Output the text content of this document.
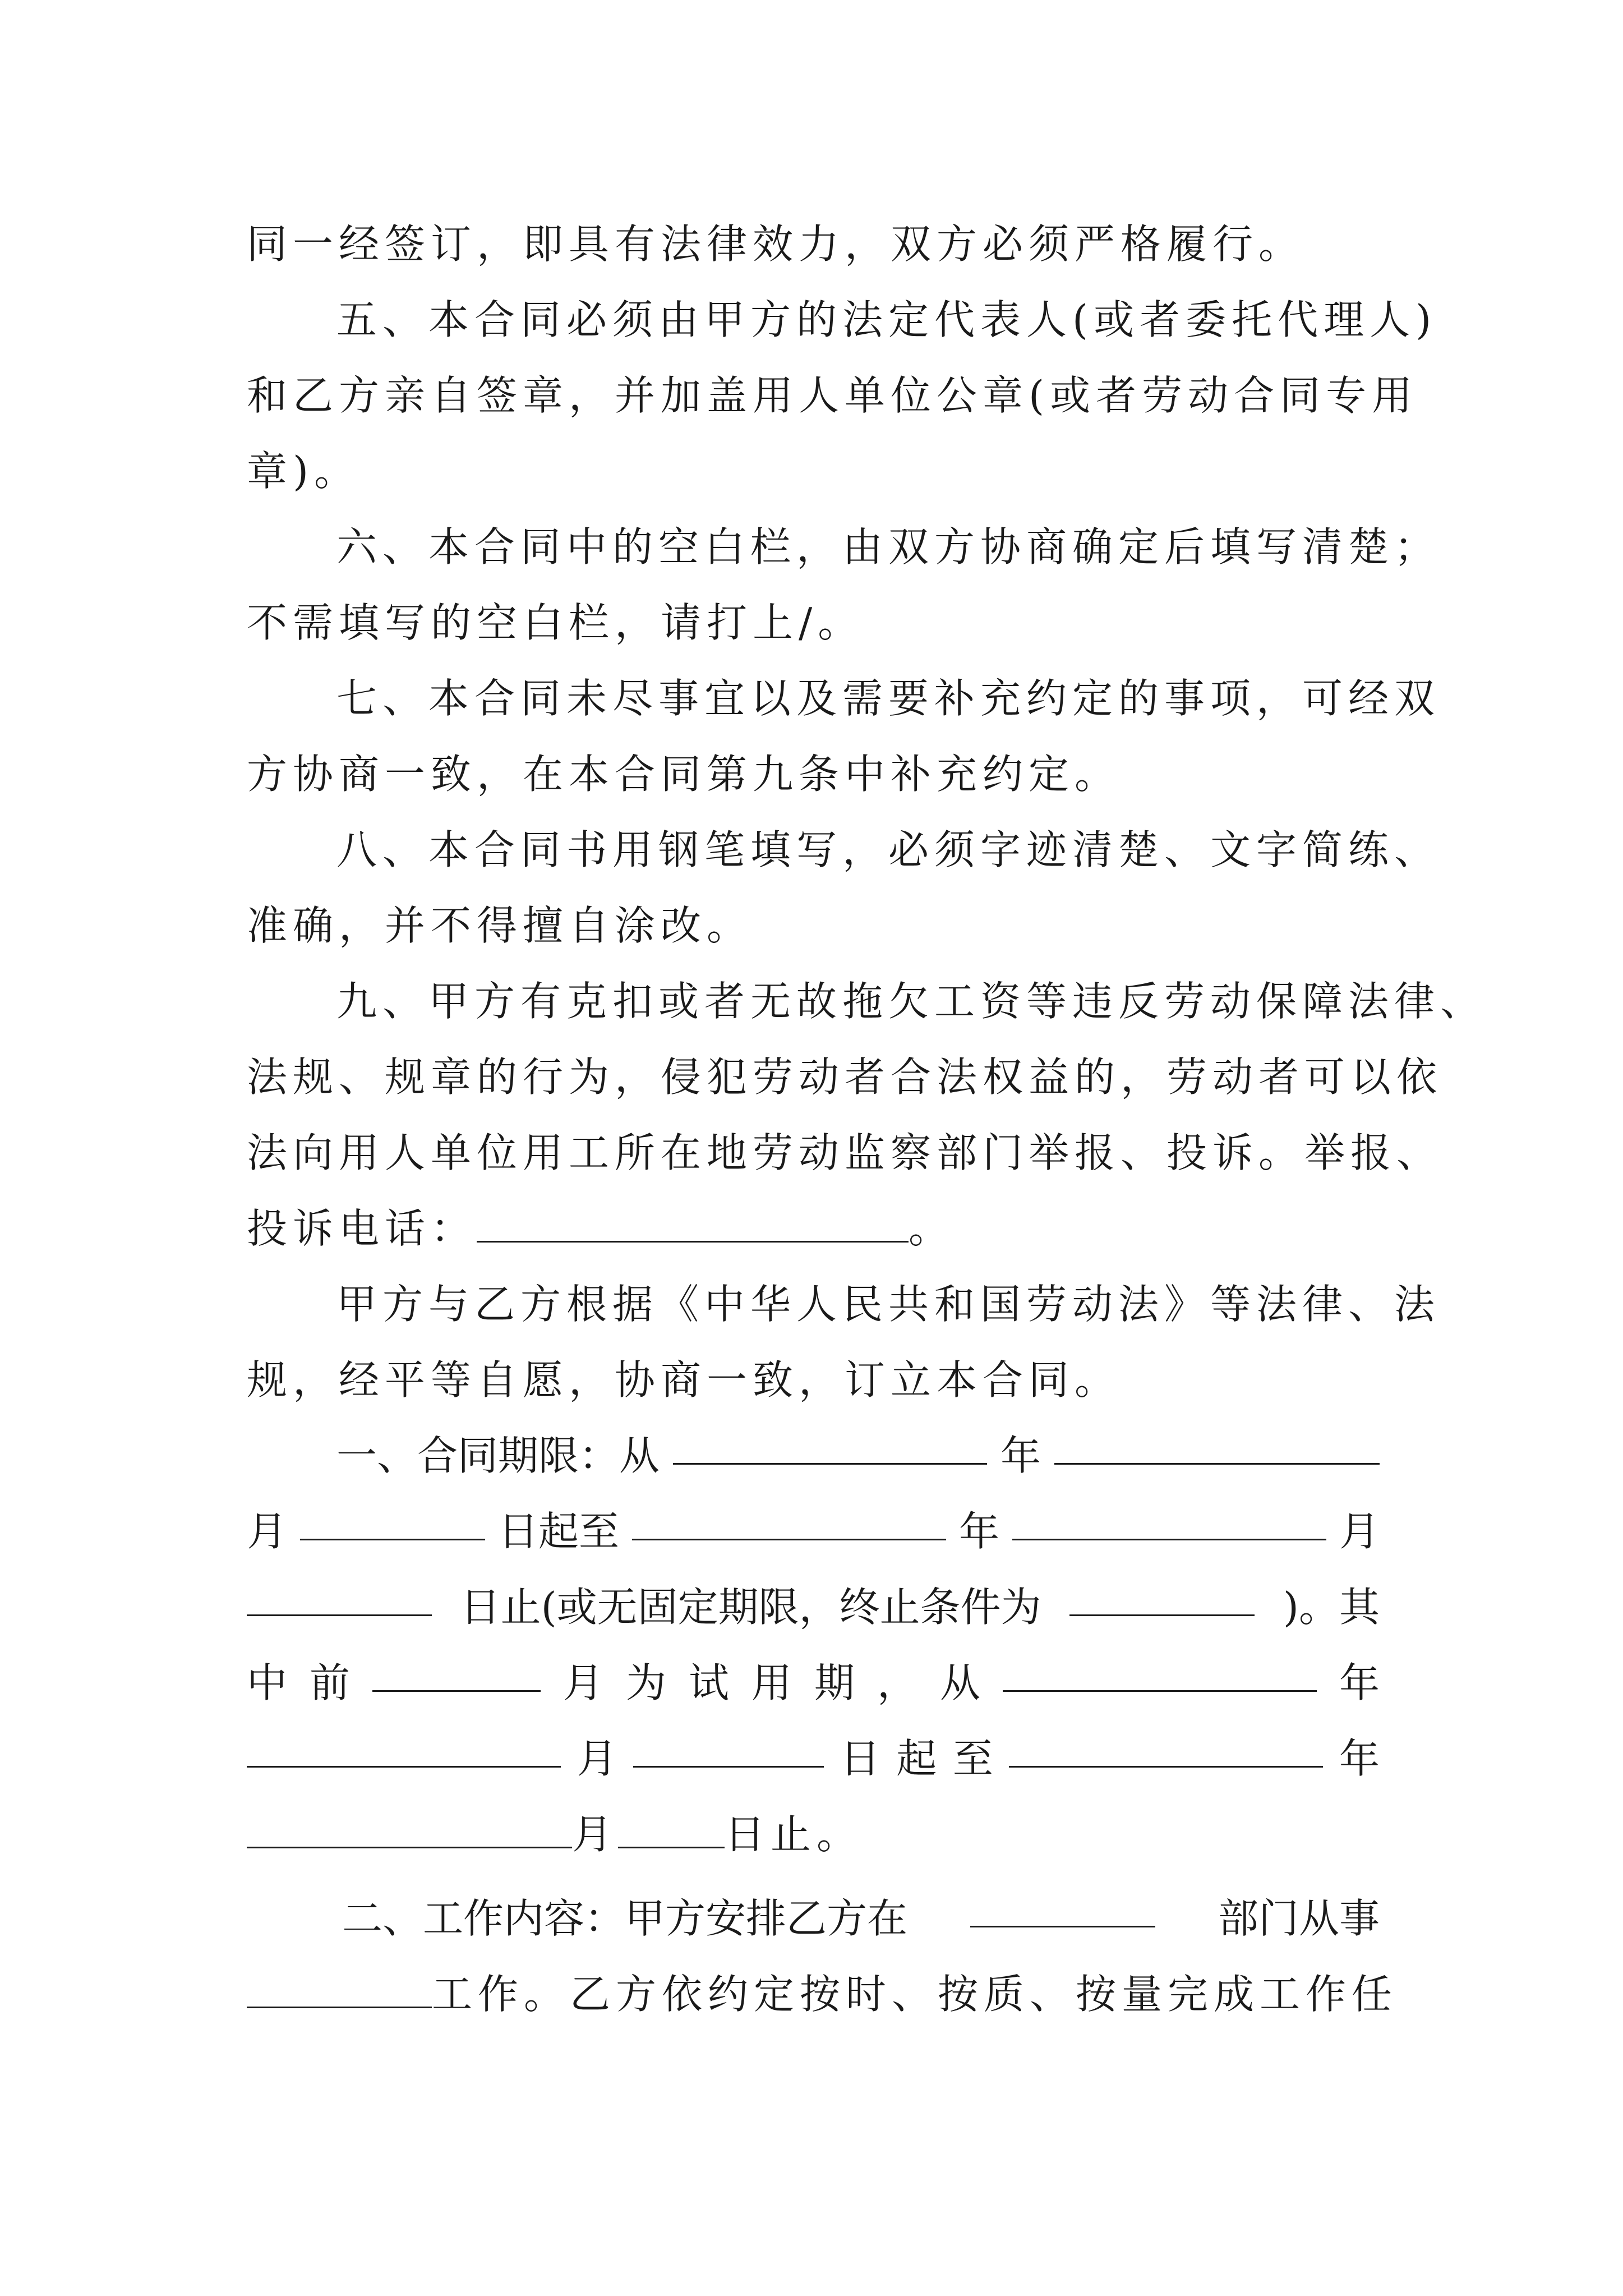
同一经签订，即具有法律效力，双方必须严格履行。
五、本合同必须由甲方的法定代表人(或者委托代理人)
和乙方亲自签章，并加盖用人单位公章(或者劳动合同专用
章)。
六、本合同中的空白栏，由双方协商确定后填写清楚；
不需填写的空白栏，请打上/。
七、本合同未尽事宜以及需要补充约定的事项，可经双
方协商一致，在本合同第九条中补充约定。
八、本合同书用钢笔填写，必须字迹清楚、文字简练、
准确，并不得擅自涂改。
九、甲方有克扣或者无故拖欠工资等违反劳动保障法律、
法规、规章的行为，侵犯劳动者合法权益的，劳动者可以依
法向用人单位用工所在地劳动监察部门举报、投诉。举报、
投诉电话：	。
甲方与乙方根据《中华人民共和国劳动法》等法律、法
规，经平等自愿，协商一致，订立本合同。
一、合同期限：从	年
月	日起至	年	月
日止(或无固定期限，终止条件为	)。其
中 前	月 为 试 用 期 ， 从	年
月	日 起 至	年
月	日止。
二、工作内容：甲方安排乙方在	部门从事
工作。乙方依约定按时、按质、按量完成工作任
